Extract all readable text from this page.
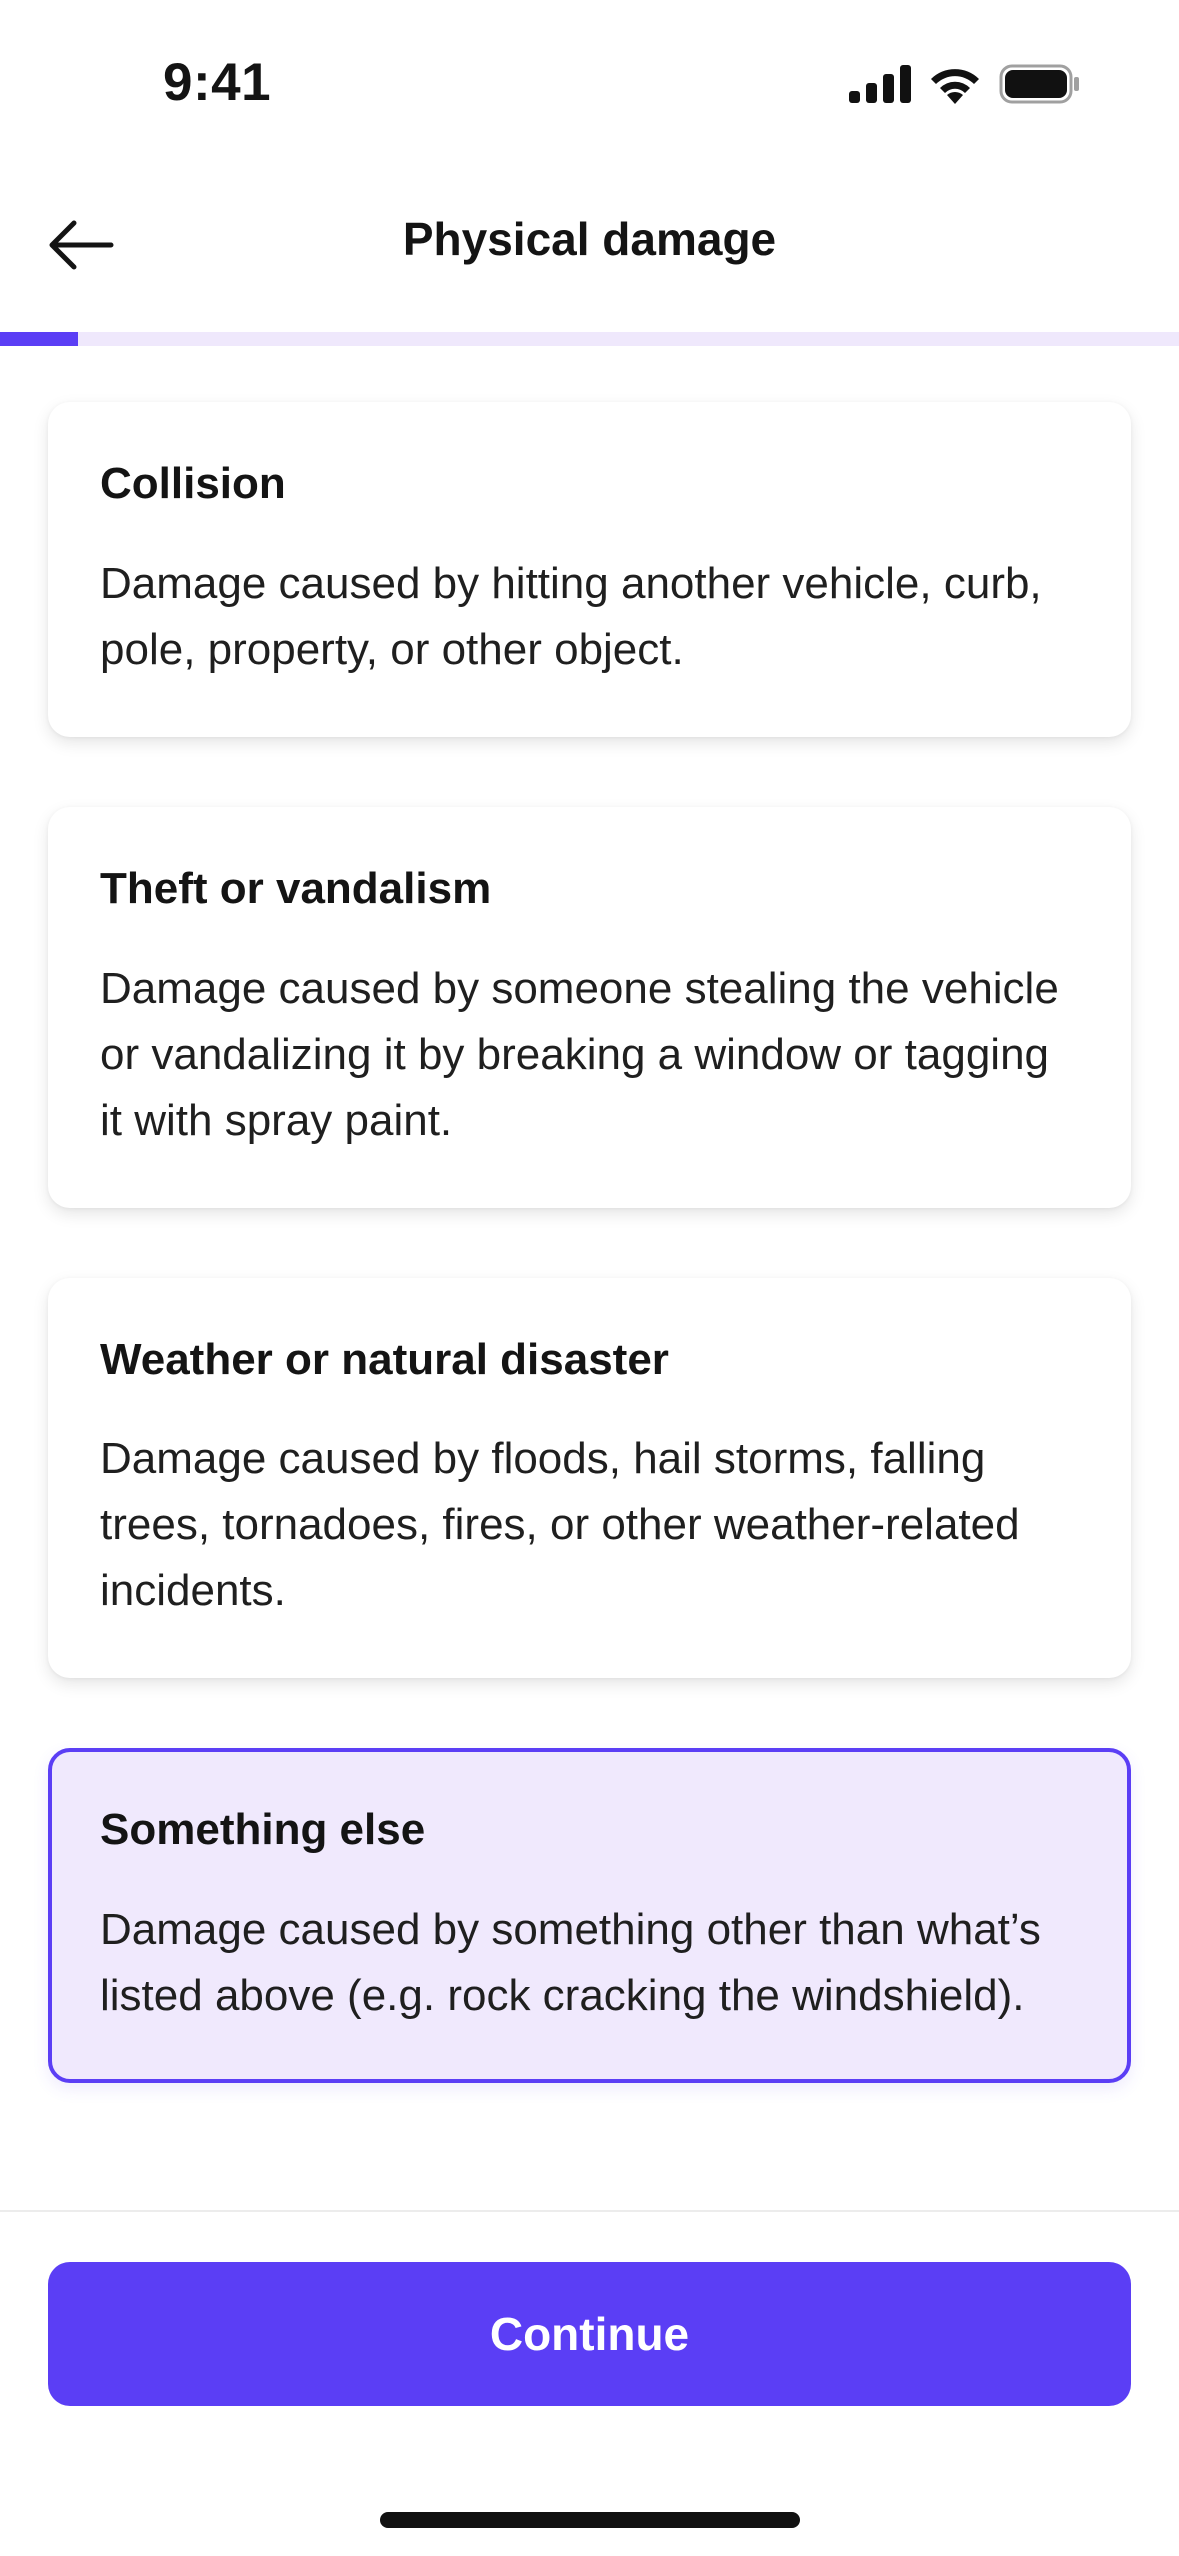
9:41
Physical damage
Collision
Damage caused by hitting another vehicle, curb, pole, property, or other object.
Theft or vandalism
Damage caused by someone stealing the vehicle or vandalizing it by breaking a window or tagging it with spray paint.
Weather or natural disaster
Damage caused by floods, hail storms, falling trees, tornadoes, fires, or other weather-related incidents.
Something else
Damage caused by something other than what’s listed above (e.g. rock cracking the windshield).
Continue
